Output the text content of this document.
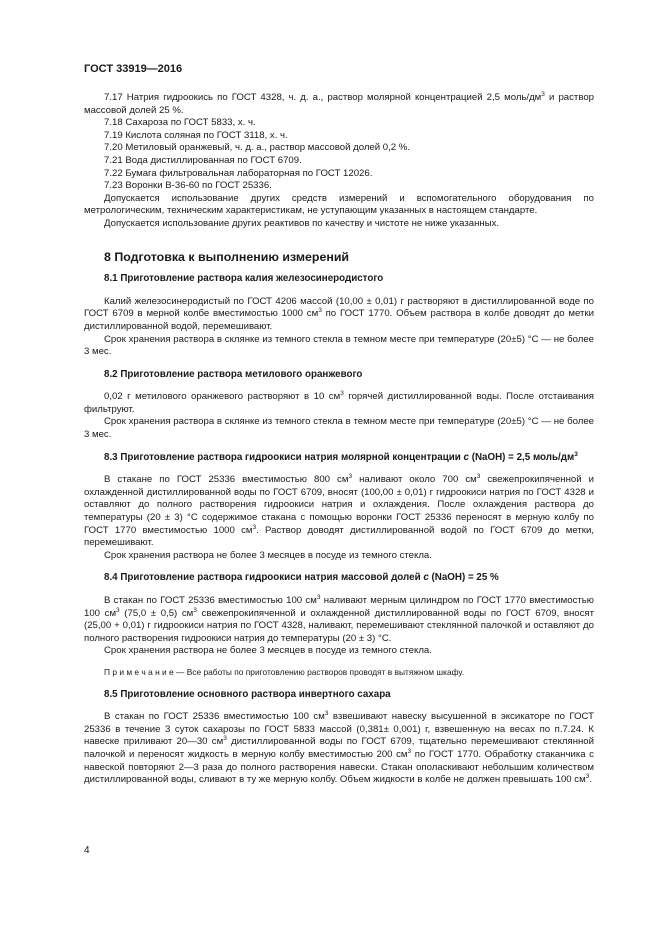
ГОСТ 33919—2016

7.17 Натрия гидроокись по ГОСТ 4328, ч. д. а., раствор молярной концентрацией 2,5 моль/$дм^3$ и раствор массовой долей 25 %.

7.18 Сахароза по ГОСТ 5833, х. ч.

7.19 Кислота соляная по ГОСТ 3118, х. ч.

7.20 Метиловый оранжевый, ч. д. а., раствор массовой долей 0,2 %.

7.21 Вода дистиллированная по ГОСТ 6709.

7.22 Бумага фильтровальная лабораторная по ГОСТ 12026.

7.23 Воронки В-36-60 по ГОСТ 25336.

Допускается использование других средств измерений и вспомогательного оборудования по метрологическим, техническим характеристикам, не уступающим указанных в настоящем стандарте.

Допускается использование других реактивов по качеству и чистоте не ниже указанных.

8 Подготовка к выполнению измерений
8.1 Приготовление раствора калия железосинеродистого

Калий железосинеродистый по ГОСТ 4206 массой (10,00 ± 0,01) г растворяют в дистиллированной воде по ГОСТ 6709 в мерной колбе вместимостью 1000 $см^3$ по ГОСТ 1770. Объем раствора в колбе доводят до метки дистиллированной водой, перемешивают.

Срок хранения раствора в склянке из темного стекла в темном месте при температуре (20±5) °С — не более 3 мес.

8.2 Приготовление раствора метилового оранжевого

0,02 г метилового оранжевого растворяют в 10 $см^3$ горячей дистиллированной воды. После отстаивания фильтруют.

Срок хранения раствора в склянке из темного стекла в темном месте при температуре (20±5) °С — не более 3 мес.

8.3 Приготовление раствора гидроокиси натрия молярной концентрации c (NaOH) = 2,5 моль/$дм^3$

В стакане по ГОСТ 25336 вместимостью 800 $см^3$ наливают около 700 $см^3$ свежепрокипяченной и охлажденной дистиллированной воды по ГОСТ 6709, вносят (100,00 ± 0,01) г гидроокиси натрия по ГОСТ 4328 и оставляют до полного растворения гидроокиси натрия и охлаждения. После охлаждения раствора до температуры (20 ± 3) °С содержимое стакана с помощью воронки ГОСТ 25336 переносят в мерную колбу по ГОСТ 1770 вместимостью 1000 $см^3$. Раствор доводят дистиллированной водой по ГОСТ 6709 до метки, перемешивают.

Срок хранения раствора не более 3 месяцев в посуде из темного стекла.

8.4 Приготовление раствора гидроокиси натрия массовой долей c (NaOH) = 25 %

В стакан по ГОСТ 25336 вместимостью 100 $см^3$ наливают мерным цилиндром по ГОСТ 1770 вместимостью 100 $см^3$ (75,0 ± 0,5) $см^3$ свежепрокипяченной и охлажденной дистиллированной воды по ГОСТ 6709, вносят (25,00 + 0,01) г гидроокиси натрия по ГОСТ 4328, наливают, перемешивают стеклянной палочкой и оставляют до полного растворения гидроокиси натрия до температуры (20 ± 3) °С.

Срок хранения раствора не более 3 месяцев в посуде из темного стекла.

П р и м е ч а н и е — Все работы по приготовлению растворов проводят в вытяжном шкафу.

8.5 Приготовление основного раствора инвертного сахара

В стакан по ГОСТ 25336 вместимостью 100 $см^3$ взвешивают навеску высушенной в эксикаторе по ГОСТ 25336 в течение 3 суток сахарозы по ГОСТ 5833 массой (0,381± 0,001) г, взвешенную на весах по п.7.24. К навеске приливают 20—30 $см^3$ дистиллированной воды по ГОСТ 6709, тщательно перемешивают стеклянной палочкой и переносят жидкость в мерную колбу вместимостью 200 $см^3$ по ГОСТ 1770. Обработку стаканчика с навеской повторяют 2—3 раза до полного растворения навески. Стакан ополаскивают небольшим количеством дистиллированной воды, сливают в ту же мерную колбу. Объем жидкости в колбе не должен превышать 100 $см^3$.

4
